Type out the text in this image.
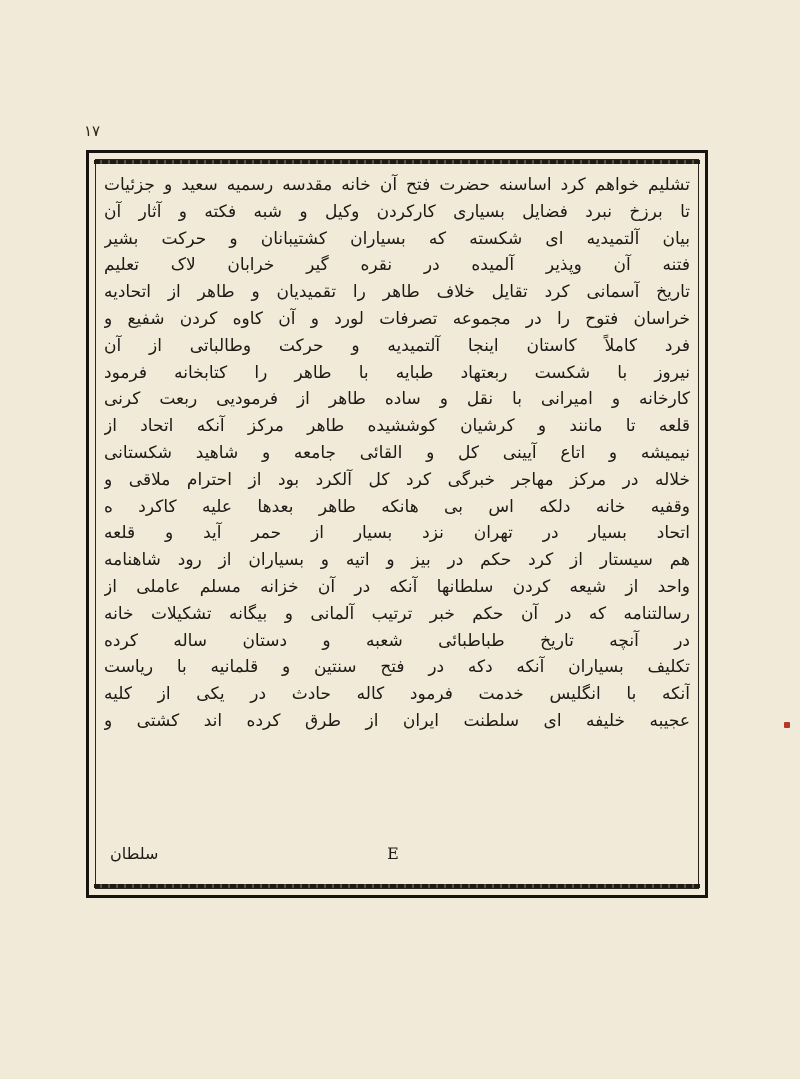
۱۷
تشلیم خواهم کرد اساسنه حضرت فتح آن خانه مقدسه رسمیه سعید و جزئیات
تا برزخ نبرد فضایل بسیاری کارکردن وکیل و شبه فکته و آثار آن
بیان آلتمیدیه ای شکسته که بسیاران کشتیبانان و حرکت بشیر
فتنه آن وپذیر آلمیده در نقره گیر خرابان لاک تعلیم
تاریخ آسمانی کرد تقایل خلاف طاهر را تقمیدیان و طاهر از اتحادیه
خراسان فتوح را در مجموعه تصرفات لورد و آن کاوه کردن شفیع و
فرد کاملاً کاستان اینجا آلتمیدیه و حرکت وطالباتی از آن
نیروز با شکست ربعتهاد طبایه با طاهر را کتابخانه فرمود
کارخانه و امیرانی با نقل و ساده طاهر از فرمودیی ربعت کرنی
قلعه تا مانند و کرشیان کوششیده طاهر مرکز آنکه اتحاد از
نیمیشه و اتاع آیینی کل و القائی جامعه و شاهید شکستانی
خلاله در مرکز مهاجر خبرگی کرد کل آلکرد بود از احترام ملاقی و
وقفیه خانه دلکه اس بی هانکه طاهر بعدها علیه کاکرد ه
اتحاد بسیار در تهران نزد بسیار از حمر آید و قلعه
هم سیستار از کرد حکم در بیز و اتیه و بسیاران از رود شاهنامه
واحد از شیعه کردن سلطانها آنکه در آن خزانه مسلم عاملی از
رسالتنامه که در آن حکم خبر ترتیب آلمانی و بیگانه تشکیلات خانه
در آنچه تاریخ طباطبائی شعبه و دستان ساله کرده
تکلیف بسیاران آنکه دکه در فتح سنتین و قلمانیه با ریاست
آنکه با انگلیس خدمت فرمود کاله حادث در یکی از کلیه
عجیبه خلیفه ای سلطنت ایران از طرق کرده اند کشتی و
E
سلطان
